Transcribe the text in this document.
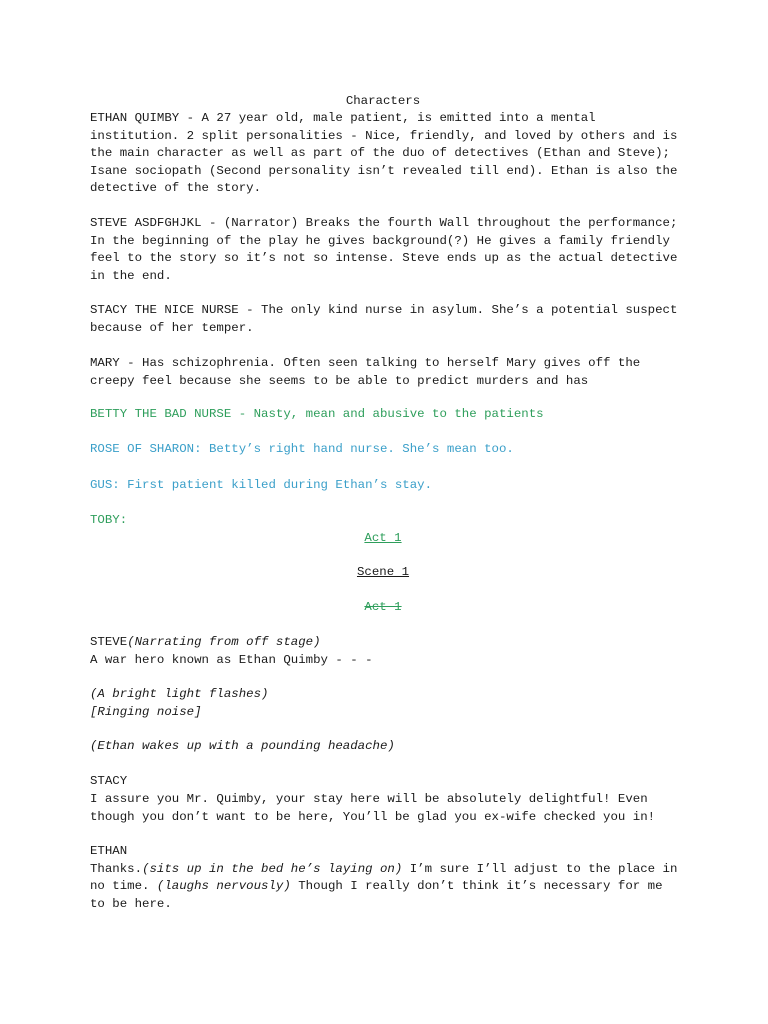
Characters
ETHAN QUIMBY - A 27 year old, male patient, is emitted into a mental
institution. 2 split personalities - Nice, friendly, and loved by others and is
the main character as well as part of the duo of detectives (Ethan and Steve);
Isane sociopath (Second personality isn’t revealed till end). Ethan is also the
detective of the story.
STEVE ASDFGHJKL - (Narrator) Breaks the fourth Wall throughout the performance;
In the beginning of the play he gives background(?) He gives a family friendly
feel to the story so it’s not so intense. Steve ends up as the actual detective
in the end.
STACY THE NICE NURSE - The only kind nurse in asylum. She’s a potential suspect
because of her temper.
MARY - Has schizophrenia. Often seen talking to herself Mary gives off the
creepy feel because she seems to be able to predict murders and has
BETTY THE BAD NURSE - Nasty, mean and abusive to the patients
ROSE OF SHARON: Betty’s right hand nurse. She’s mean too.
GUS: First patient killed during Ethan’s stay.
TOBY:
Act 1
Scene 1
Act 1
STEVE(Narrating from off stage)
A war hero known as Ethan Quimby - - -
(A bright light flashes)
[Ringing noise]
(Ethan wakes up with a pounding headache)
STACY
I assure you Mr. Quimby, your stay here will be absolutely delightful! Even
though you don’t want to be here, You’ll be glad you ex-wife checked you in!
ETHAN
Thanks.(sits up in the bed he’s laying on) I’m sure I’ll adjust to the place in
no time. (laughs nervously) Though I really don’t think it’s necessary for me
to be here.
